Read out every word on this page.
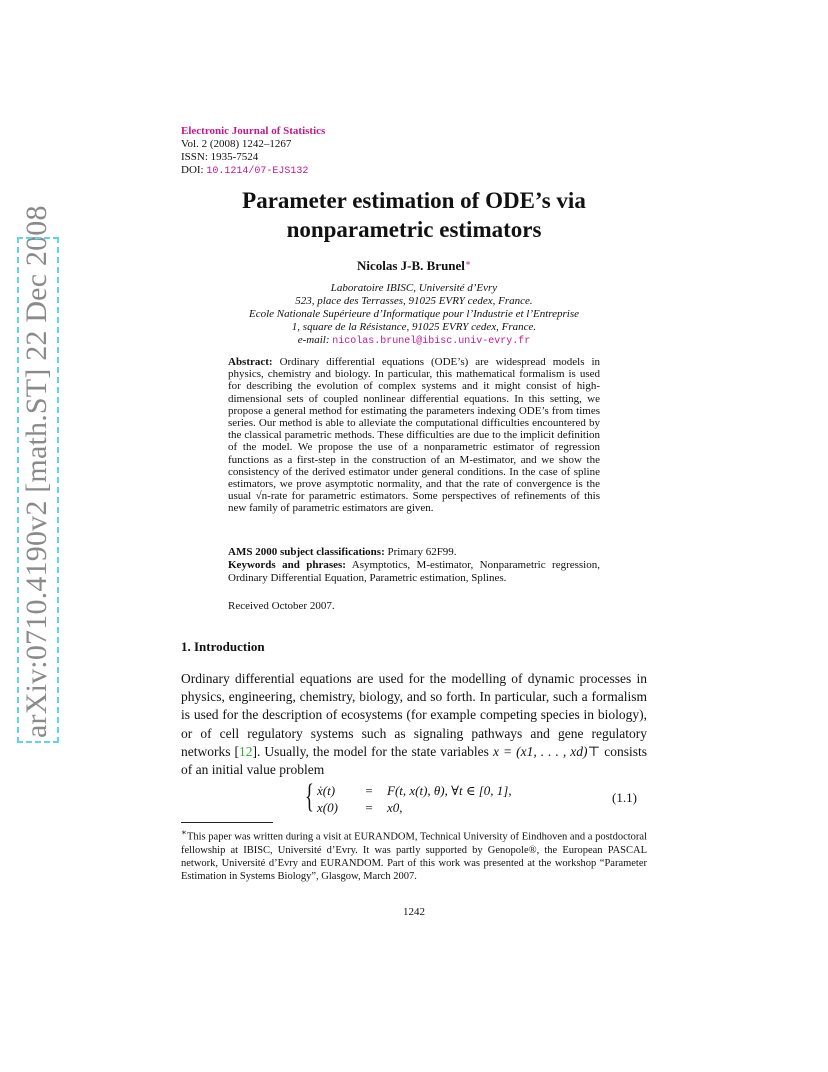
arXiv:0710.4190v2 [math.ST] 22 Dec 2008
Electronic Journal of Statistics
Vol. 2 (2008) 1242–1267
ISSN: 1935-7524
DOI: 10.1214/07-EJS132
Parameter estimation of ODE’s via
nonparametric estimators
Nicolas J-B. Brunel∗
Laboratoire IBISC, Université d’Evry
523, place des Terrasses, 91025 EVRY cedex, France.
Ecole Nationale Supérieure d’Informatique pour l’Industrie et l’Entreprise
1, square de la Résistance, 91025 EVRY cedex, France.
e-mail: nicolas.brunel@ibisc.univ-evry.fr
Abstract: Ordinary differential equations (ODE’s) are widespread models in physics, chemistry and biology. In particular, this mathematical formalism is used for describing the evolution of complex systems and it might consist of high-dimensional sets of coupled nonlinear differential equations. In this setting, we propose a general method for estimating the parameters indexing ODE’s from times series. Our method is able to alleviate the computational difficulties encountered by the classical parametric methods. These difficulties are due to the implicit definition of the model. We propose the use of a nonparametric estimator of regression functions as a first-step in the construction of an M-estimator, and we show the consistency of the derived estimator under general conditions. In the case of spline estimators, we prove asymptotic normality, and that the rate of convergence is the usual √n-rate for parametric estimators. Some perspectives of refinements of this new family of parametric estimators are given.
AMS 2000 subject classifications: Primary 62F99.
Keywords and phrases: Asymptotics, M-estimator, Nonparametric regression, Ordinary Differential Equation, Parametric estimation, Splines.
Received October 2007.
1. Introduction
Ordinary differential equations are used for the modelling of dynamic processes in physics, engineering, chemistry, biology, and so forth. In particular, such a formalism is used for the description of ecosystems (for example competing species in biology), or of cell regulatory systems such as signaling pathways and gene regulatory networks [12]. Usually, the model for the state variables x = (x1, . . . , xd)⊤ consists of an initial value problem
{ ẋ(t) = F(t, x(t), θ), ∀t ∈ [0, 1],
x(0) = x0,
(1.1)
∗This paper was written during a visit at EURANDOM, Technical University of Eindhoven and a postdoctoral fellowship at IBISC, Université d’Evry. It was partly supported by Genopole®, the European PASCAL network, Université d’Evry and EURANDOM. Part of this work was presented at the workshop “Parameter Estimation in Systems Biology”, Glasgow, March 2007.
1242
